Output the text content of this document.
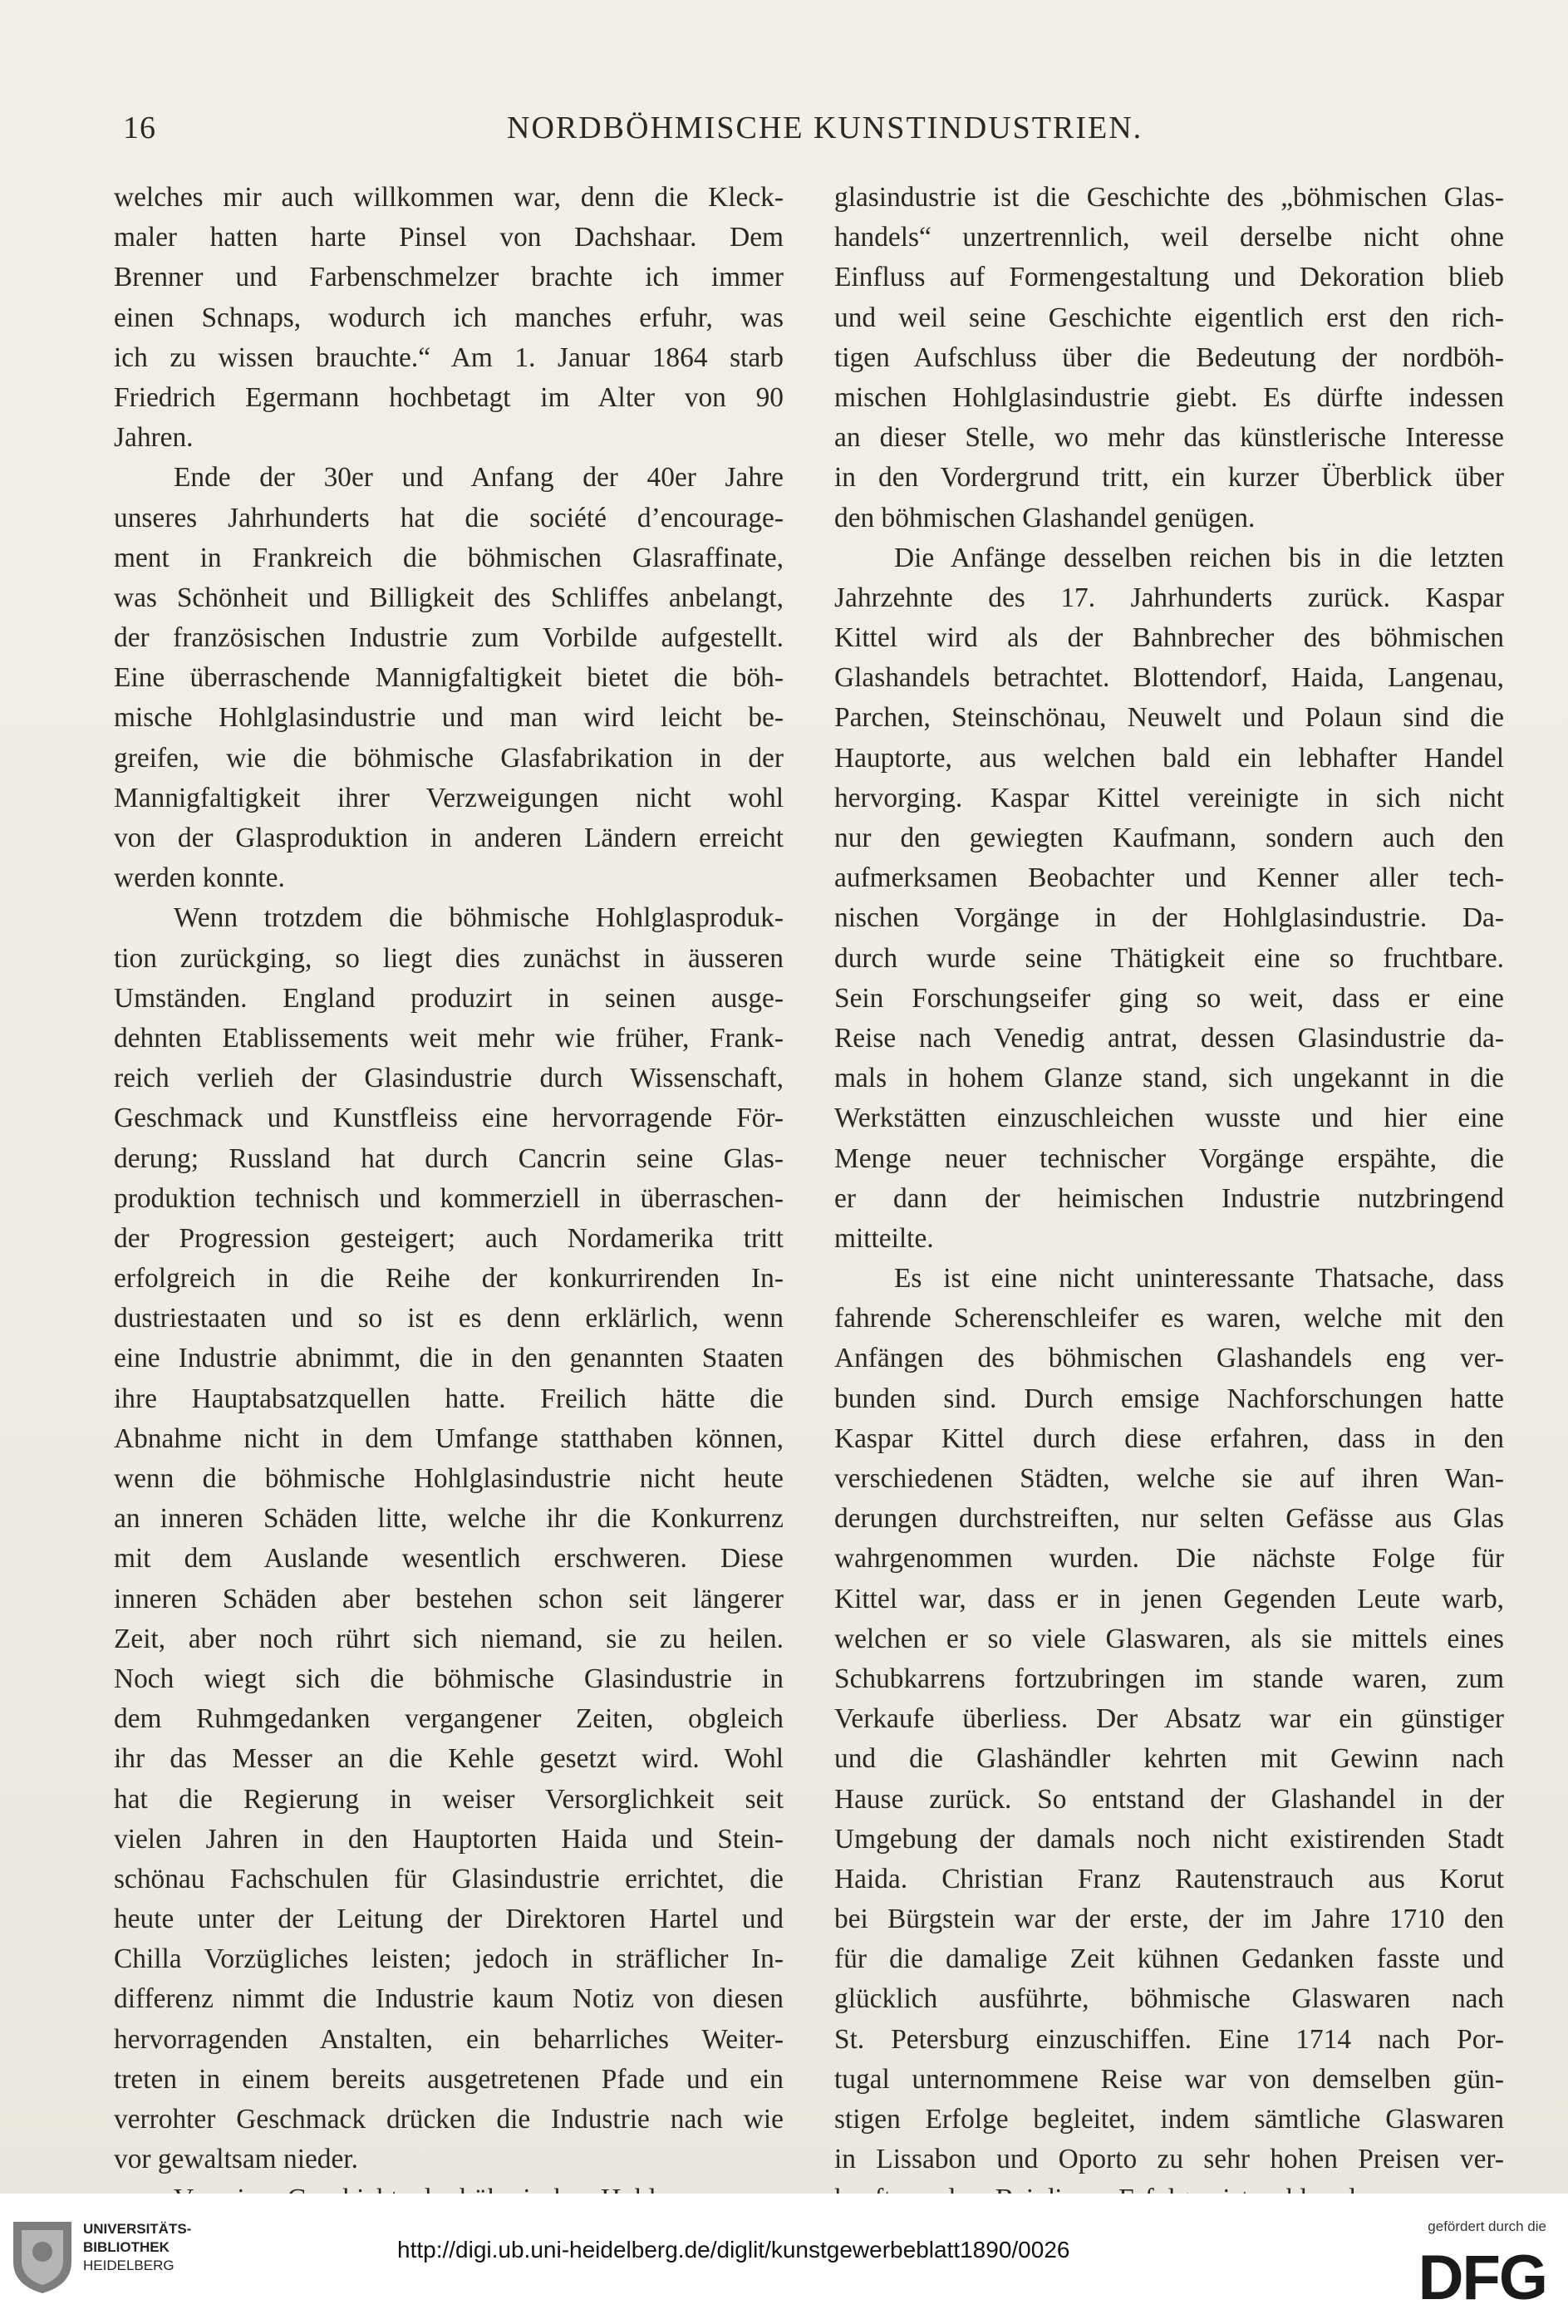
16	NORDBÖHMISCHE KUNSTINDUSTRIEN.
welches mir auch willkommen war, denn die Kleck-
maler hatten harte Pinsel von Dachshaar. Dem
Brenner und Farbenschmelzer brachte ich immer
einen Schnaps, wodurch ich manches erfuhr, was
ich zu wissen brauchte.“ Am 1. Januar 1864 starb
Friedrich Egermann hochbetagt im Alter von 90
Jahren.
Ende der 30er und Anfang der 40er Jahre
unseres Jahrhunderts hat die société d’encourage-
ment in Frankreich die böhmischen Glasraffinate,
was Schönheit und Billigkeit des Schliffes anbelangt,
der französischen Industrie zum Vorbilde aufgestellt.
Eine überraschende Mannigfaltigkeit bietet die böh-
mische Hohlglasindustrie und man wird leicht be-
greifen, wie die böhmische Glasfabrikation in der
Mannigfaltigkeit ihrer Verzweigungen nicht wohl
von der Glasproduktion in anderen Ländern erreicht
werden konnte.
Wenn trotzdem die böhmische Hohlglasproduk-
tion zurückging, so liegt dies zunächst in äusseren
Umständen. England produzirt in seinen ausge-
dehnten Etablissements weit mehr wie früher, Frank-
reich verlieh der Glasindustrie durch Wissenschaft,
Geschmack und Kunstfleiss eine hervorragende För-
derung; Russland hat durch Cancrin seine Glas-
produktion technisch und kommerziell in überraschen-
der Progression gesteigert; auch Nordamerika tritt
erfolgreich in die Reihe der konkurrirenden In-
dustriestaaten und so ist es denn erklärlich, wenn
eine Industrie abnimmt, die in den genannten Staaten
ihre Hauptabsatzquellen hatte. Freilich hätte die
Abnahme nicht in dem Umfange statthaben können,
wenn die böhmische Hohlglasindustrie nicht heute
an inneren Schäden litte, welche ihr die Konkurrenz
mit dem Auslande wesentlich erschweren. Diese
inneren Schäden aber bestehen schon seit längerer
Zeit, aber noch rührt sich niemand, sie zu heilen.
Noch wiegt sich die böhmische Glasindustrie in
dem Ruhmgedanken vergangener Zeiten, obgleich
ihr das Messer an die Kehle gesetzt wird. Wohl
hat die Regierung in weiser Versorglichkeit seit
vielen Jahren in den Hauptorten Haida und Stein-
schönau Fachschulen für Glasindustrie errichtet, die
heute unter der Leitung der Direktoren Hartel und
Chilla Vorzügliches leisten; jedoch in sträflicher In-
differenz nimmt die Industrie kaum Notiz von diesen
hervorragenden Anstalten, ein beharrliches Weiter-
treten in einem bereits ausgetretenen Pfade und ein
verrohter Geschmack drücken die Industrie nach wie
vor gewaltsam nieder.
glasindustrie ist die Geschichte des „böhmischen Glas-
handels“ unzertrennlich, weil derselbe nicht ohne
Einfluss auf Formengestaltung und Dekoration blieb
und weil seine Geschichte eigentlich erst den rich-
tigen Aufschluss über die Bedeutung der nordböh-
mischen Hohlglasindustrie giebt. Es dürfte indessen
an dieser Stelle, wo mehr das künstlerische Interesse
in den Vordergrund tritt, ein kurzer Überblick über
den böhmischen Glashandel genügen.
Die Anfänge desselben reichen bis in die letzten
Jahrzehnte des 17. Jahrhunderts zurück. Kaspar
Kittel wird als der Bahnbrecher des böhmischen
Glashandels betrachtet. Blottendorf, Haida, Langenau,
Parchen, Steinschönau, Neuwelt und Polaun sind die
Hauptorte, aus welchen bald ein lebhafter Handel
hervorging. Kaspar Kittel vereinigte in sich nicht
nur den gewiegten Kaufmann, sondern auch den
aufmerksamen Beobachter und Kenner aller tech-
nischen Vorgänge in der Hohlglasindustrie. Da-
durch wurde seine Thätigkeit eine so fruchtbare.
Sein Forschungseifer ging so weit, dass er eine
Reise nach Venedig antrat, dessen Glasindustrie da-
mals in hohem Glanze stand, sich ungekannt in die
Werkstätten einzuschleichen wusste und hier eine
Menge neuer technischer Vorgänge erspähte, die
er dann der heimischen Industrie nutzbringend
mitteilte.
Es ist eine nicht uninteressante Thatsache, dass
fahrende Scherenschleifer es waren, welche mit den
Anfängen des böhmischen Glashandels eng ver-
bunden sind. Durch emsige Nachforschungen hatte
Kaspar Kittel durch diese erfahren, dass in den
verschiedenen Städten, welche sie auf ihren Wan-
derungen durchstreiften, nur selten Gefässe aus Glas
wahrgenommen wurden. Die nächste Folge für
Kittel war, dass er in jenen Gegenden Leute warb,
welchen er so viele Glaswaren, als sie mittels eines
Schubkarrens fortzubringen im stande waren, zum
Verkaufe überliess. Der Absatz war ein günstiger
und die Glashändler kehrten mit Gewinn nach
Hause zurück. So entstand der Glashandel in der
Umgebung der damals noch nicht existirenden Stadt
Haida. Christian Franz Rautenstrauch aus Korut
bei Bürgstein war der erste, der im Jahre 1710 den
für die damalige Zeit kühnen Gedanken fasste und
glücklich ausführte, böhmische Glaswaren nach
St. Petersburg einzuschiffen. Eine 1714 nach Por-
tugal unternommene Reise war von demselben gün-
stigen Erfolge begleitet, indem sämtliche Glaswaren
in Lissabon und Oporto zu sehr hohen Preisen ver-
UNIVERSITÄTS-
BIBLIOTHEK
HEIDELBERG
http://digi.ub.uni-heidelberg.de/diglit/kunstgewerbeblatt1890/0026
gefördert durch die
DFG
